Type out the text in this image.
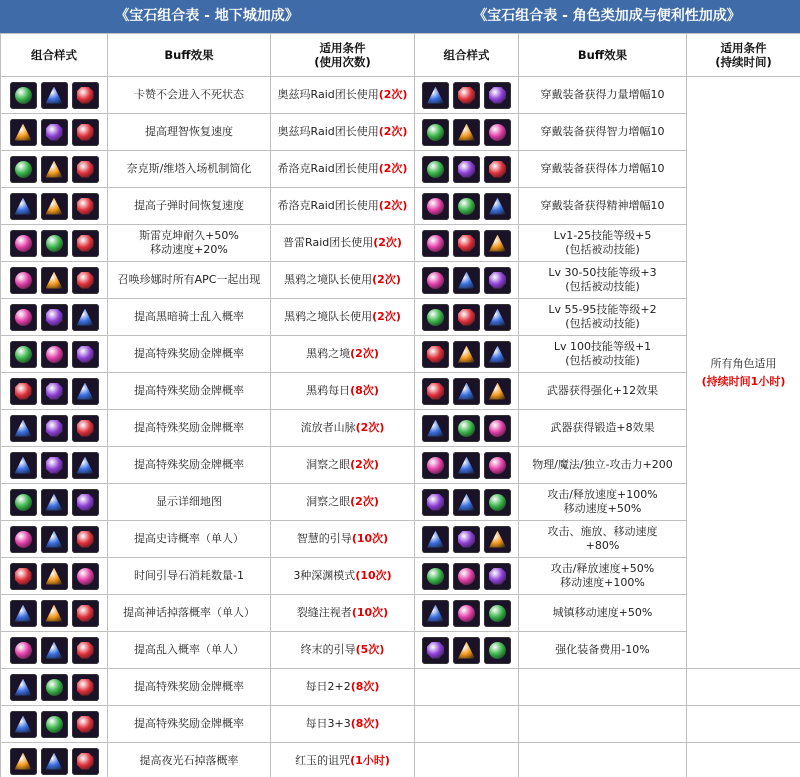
《宝石组合表 - 地下城加成》
组合样式	Buff效果	适用条件
(使用次数)

	卡赞不会进入不死状态	奥兹玛Raid团长使用(2次)

	提高理智恢复速度	奥兹玛Raid团长使用(2次)

	奈克斯/维塔入场机制简化	希洛克Raid团长使用(2次)

	提高子弹时间恢复速度	希洛克Raid团长使用(2次)

	斯雷克坤耐久+50%
移动速度+20%	普雷Raid团长使用(2次)

	召唤珍娜时所有APC一起出现	黑鸦之境队长使用(2次)

	提高黑暗骑士乱入概率	黑鸦之境队长使用(2次)

	提高特殊奖励金牌概率	黑鸦之境(2次)

	提高特殊奖励金牌概率	黑鸦每日(8次)

	提高特殊奖励金牌概率	流放者山脉(2次)

	提高特殊奖励金牌概率	洞察之眼(2次)

	显示详细地图	洞察之眼(2次)

	提高史诗概率（单人）	智慧的引导(10次)

	时间引导石消耗数量-1	3种深渊模式(10次)

	提高神话掉落概率（单人）	裂缝注视者(10次)

	提高乱入概率（单人）	终末的引导(5次)

	提高特殊奖励金牌概率	每日2+2(8次)

	提高特殊奖励金牌概率	每日3+3(8次)

	提高夜光石掉落概率	红玉的诅咒(1小时)
《宝石组合表 - 角色类加成与便利性加成》
组合样式	Buff效果	适用条件
(持续时间)

	穿戴装备获得力量增幅10	所有角色适用
(持续时间1小时)

	穿戴装备获得智力增幅10	

	穿戴装备获得体力增幅10	

	穿戴装备获得精神增幅10	

	Lv1-25技能等级+5
(包括被动技能)	

	Lv 30-50技能等级+3
(包括被动技能)	

	Lv 55-95技能等级+2
(包括被动技能)	

	Lv 100技能等级+1
(包括被动技能)	

	武器获得强化+12效果	

	武器获得锻造+8效果	

	物理/魔法/独立-攻击力+200	

	攻击/释放速度+100%
移动速度+50%	

	攻击、施放、移动速度
+80%	

	攻击/释放速度+50%
移动速度+100%	

	城镇移动速度+50%	

	强化装备费用-10%	
